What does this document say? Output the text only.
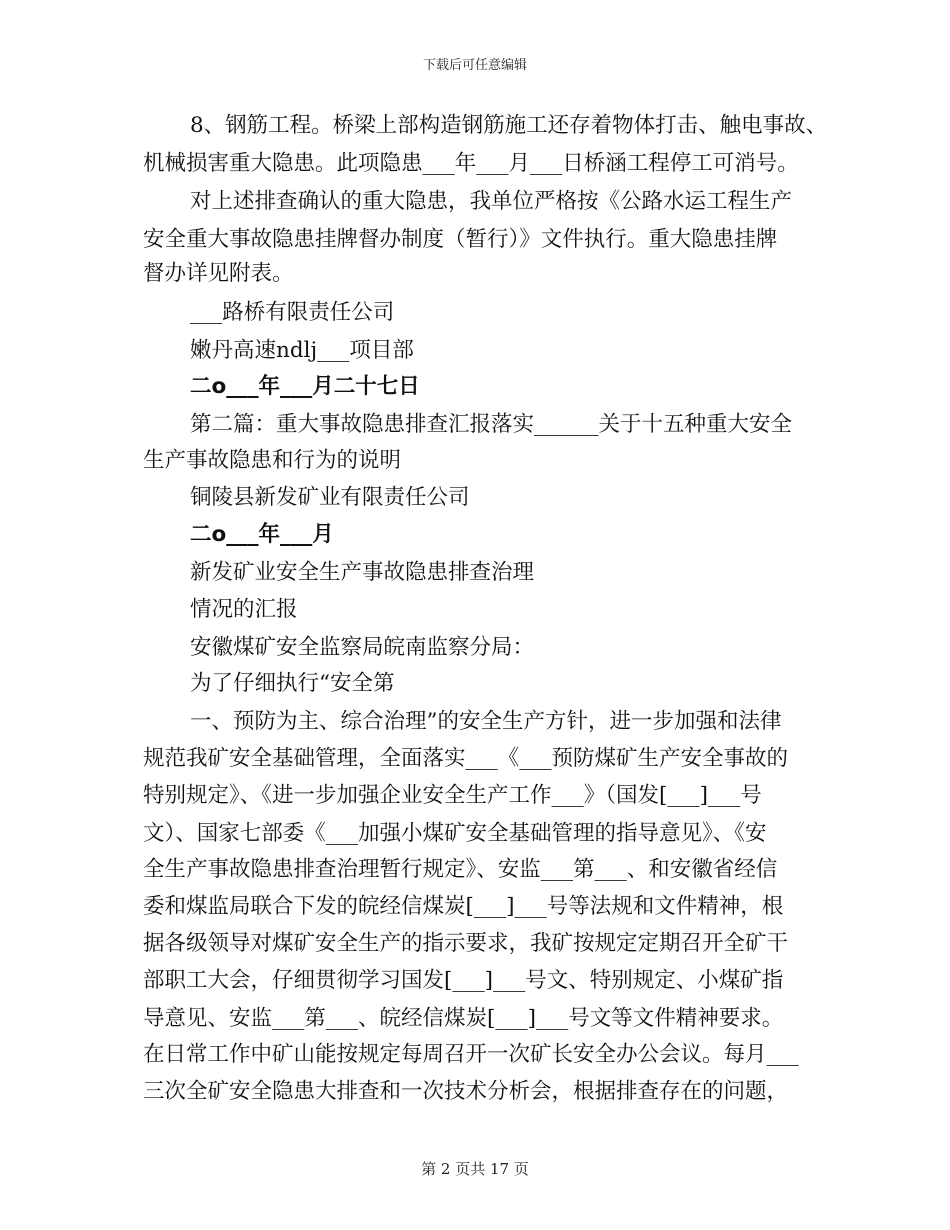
下载后可任意编辑
8、钢筋工程。桥梁上部构造钢筋施工还存着物体打击、触电事故、
机械损害重大隐患。此项隐患___年___月___日桥涵工程停工可消号。
对上述排查确认的重大隐患，我单位严格按《公路水运工程生产
安全重大事故隐患挂牌督办制度（暂行）》文件执行。重大隐患挂牌
督办详见附表。
___路桥有限责任公司
嫩丹高速ndlj___项目部
二o___年___月二十七日
第二篇：重大事故隐患排查汇报落实______关于十五种重大安全
生产事故隐患和行为的说明
铜陵县新发矿业有限责任公司
二o___年___月
新发矿业安全生产事故隐患排查治理
情况的汇报
安徽煤矿安全监察局皖南监察分局：
为了仔细执行“安全第
一、预防为主、综合治理”的安全生产方针，进一步加强和法律
规范我矿安全基础管理，全面落实___《___预防煤矿生产安全事故的
特别规定》、《进一步加强企业安全生产工作___》（国发[___]___号
文）、国家七部委《___加强小煤矿安全基础管理的指导意见》、《安
全生产事故隐患排查治理暂行规定》、安监___第___、和安徽省经信
委和煤监局联合下发的皖经信煤炭[___]___号等法规和文件精神，根
据各级领导对煤矿安全生产的指示要求，我矿按规定定期召开全矿干
部职工大会，仔细贯彻学习国发[___]___号文、特别规定、小煤矿指
导意见、安监___第___、皖经信煤炭[___]___号文等文件精神要求。
在日常工作中矿山能按规定每周召开一次矿长安全办公会议。每月___
三次全矿安全隐患大排查和一次技术分析会，根据排查存在的问题，
第 2 页共 17 页
